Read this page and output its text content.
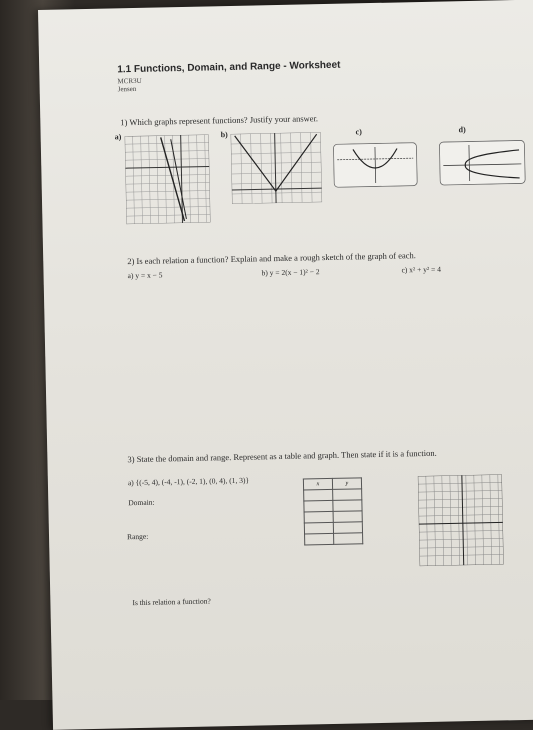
1.1 Functions, Domain, and Range - Worksheet
MCR3U
Jensen
1) Which graphs represent functions? Justify your answer.
a)	b)	c)	d)
2) Is each relation a function? Explain and make a rough sketch of the graph of each.
a) y = x − 5	b) y = 2(x − 1)² − 2	c) x² + y² = 4
3) State the domain and range. Represent as a table and graph. Then state if it is a function.
a) {(-5, 4), (-4, -1), (-2, 1), (0, 4), (1, 3)}
Domain:
Range:
x	y

Is this relation a function?
